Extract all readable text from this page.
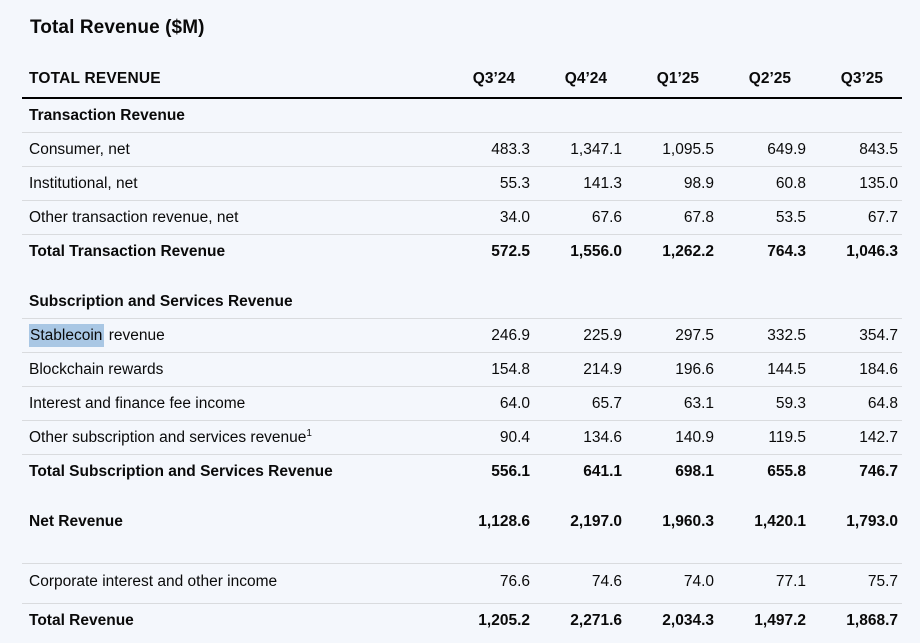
Total Revenue ($M)
TOTAL REVENUE	Q3’24	Q4’24	Q1’25	Q2’25	Q3’25
Transaction Revenue					
Consumer, net	483.3	1,347.1	1,095.5	649.9	843.5
Institutional, net	55.3	141.3	98.9	60.8	135.0
Other transaction revenue, net	34.0	67.6	67.8	53.5	67.7
Total Transaction Revenue	572.5	1,556.0	1,262.2	764.3	1,046.3

Subscription and Services Revenue					
Stablecoin revenue	246.9	225.9	297.5	332.5	354.7
Blockchain rewards	154.8	214.9	196.6	144.5	184.6
Interest and finance fee income	64.0	65.7	63.1	59.3	64.8
Other subscription and services revenue$^1$	90.4	134.6	140.9	119.5	142.7
Total Subscription and Services Revenue	556.1	641.1	698.1	655.8	746.7

Net Revenue	1,128.6	2,197.0	1,960.3	1,420.1	1,793.0

Corporate interest and other income	76.6	74.6	74.0	77.1	75.7
Total Revenue	1,205.2	2,271.6	2,034.3	1,497.2	1,868.7
